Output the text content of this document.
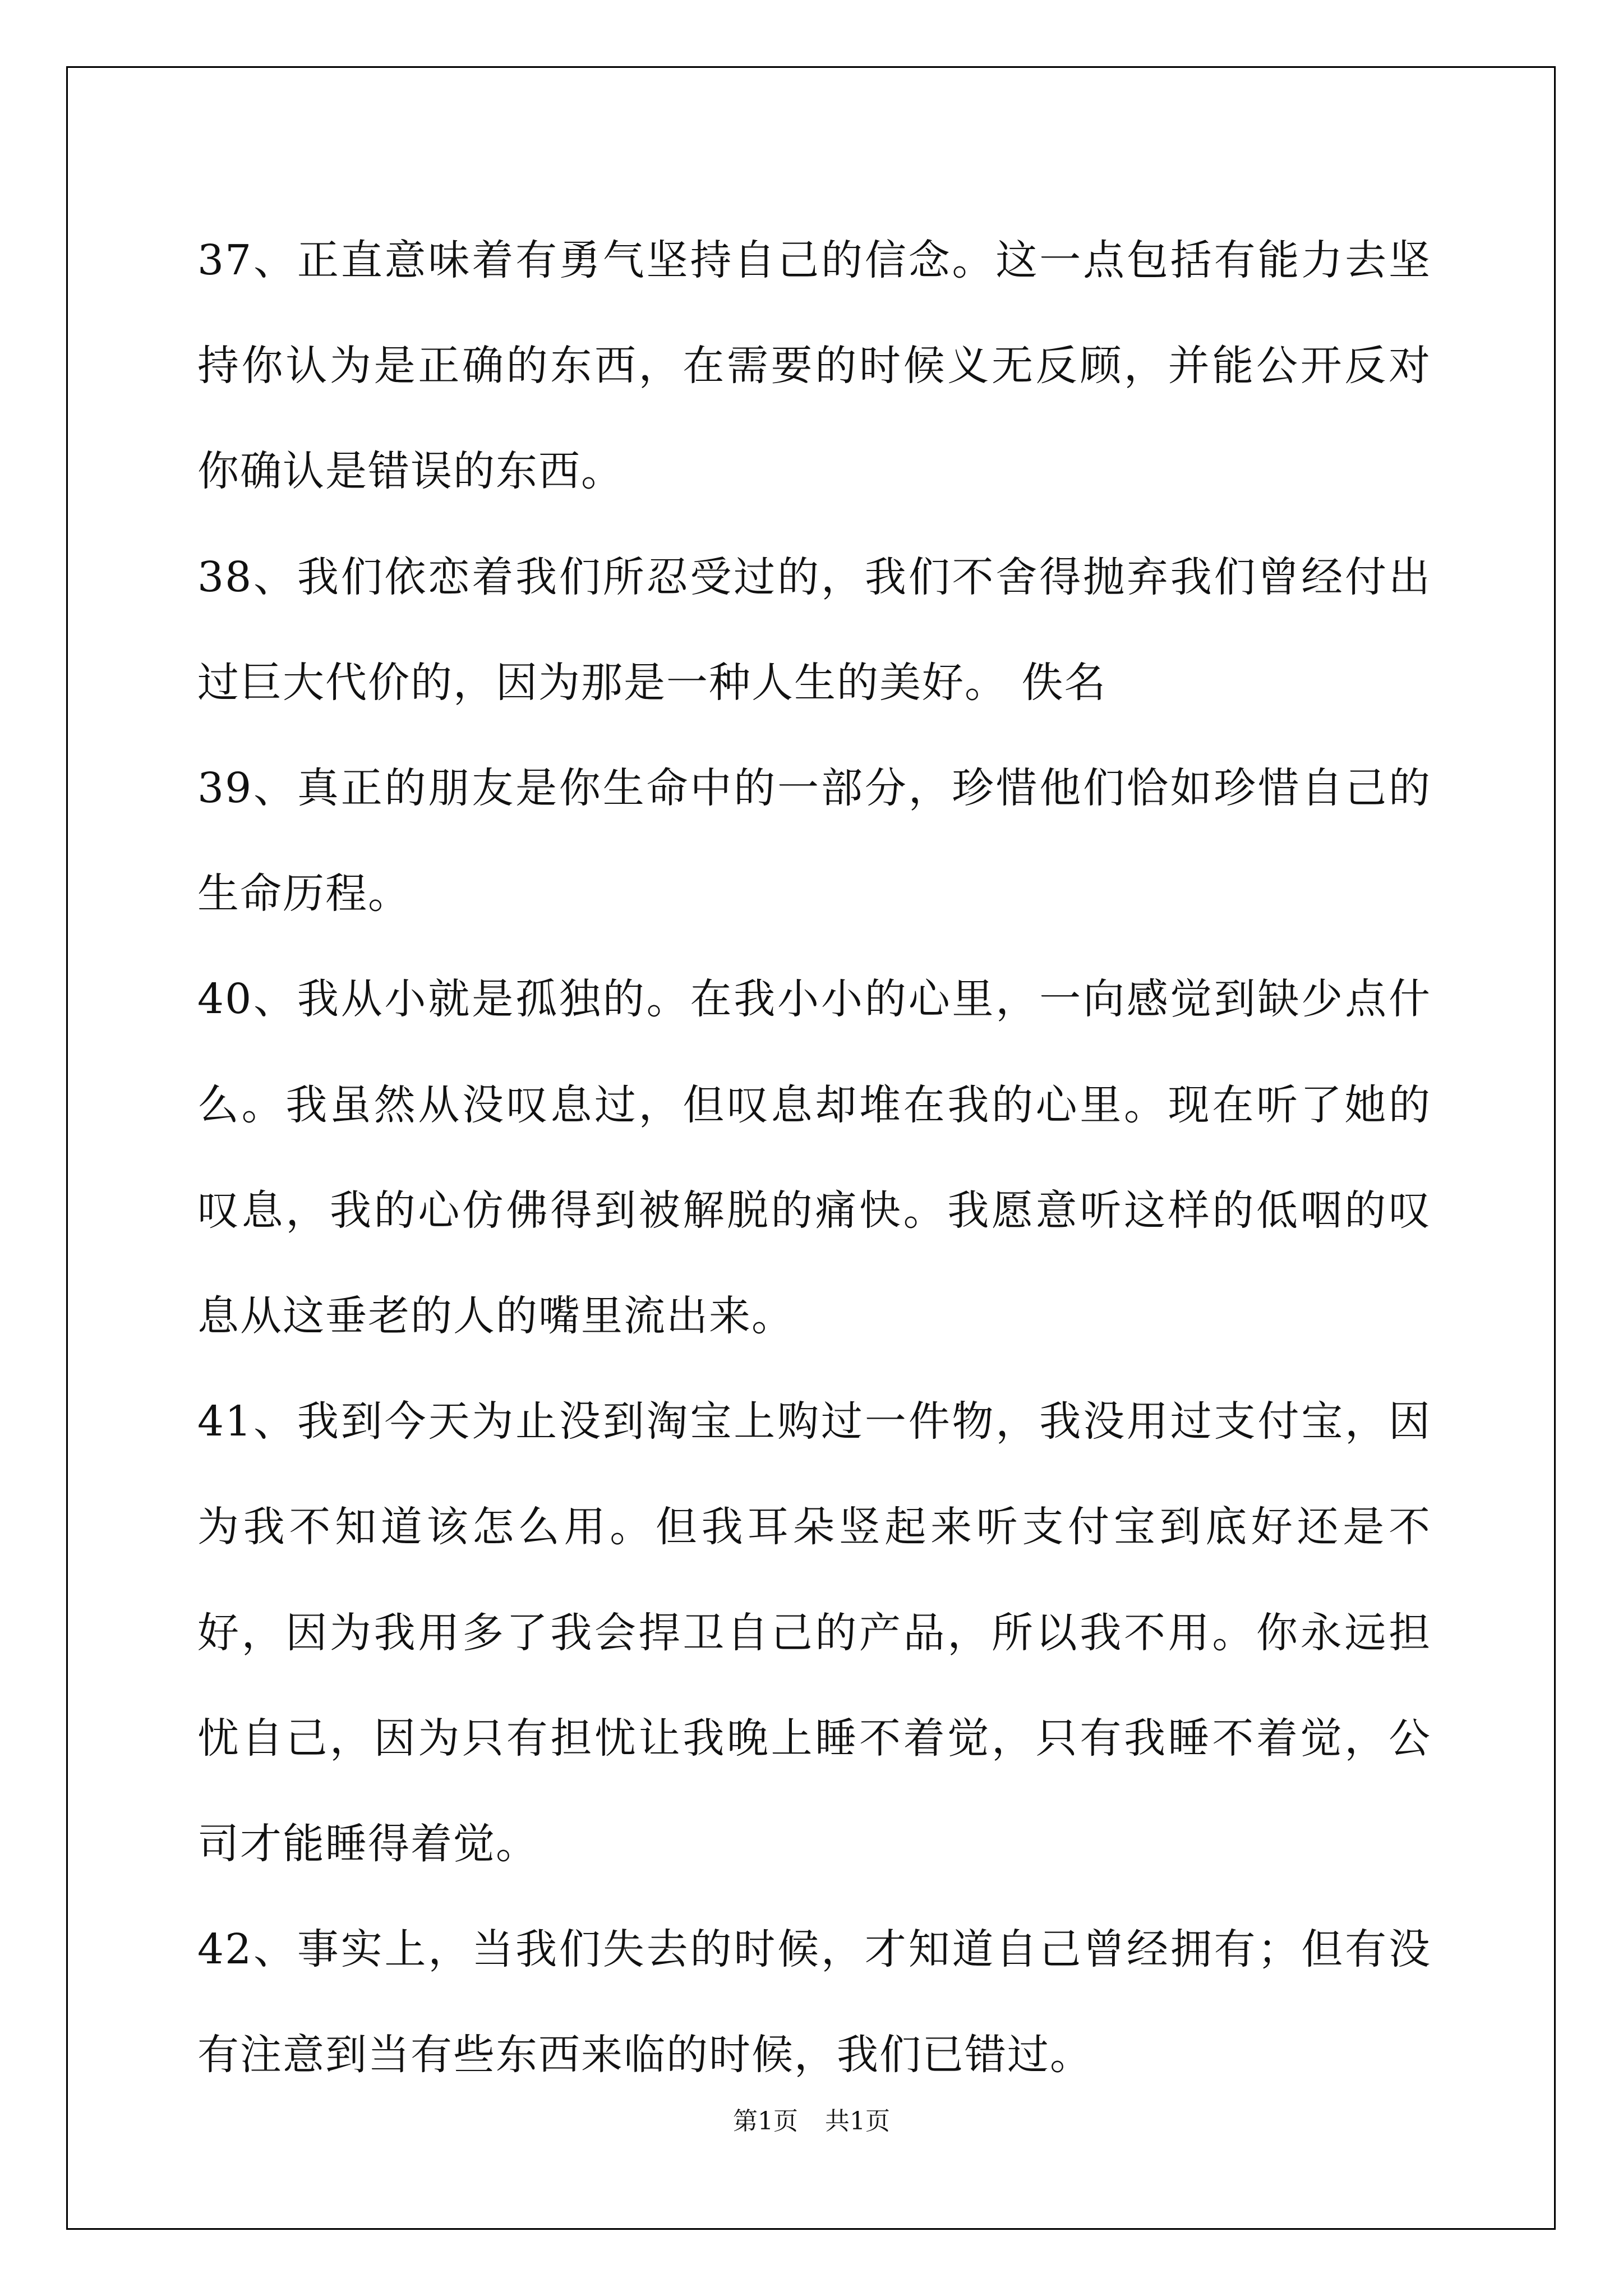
37、正直意味着有勇气坚持自己的信念。这一点包括有能力去坚持你认为是正确的东西，在需要的时候义无反顾，并能公开反对你确认是错误的东西。

38、我们依恋着我们所忍受过的，我们不舍得抛弃我们曾经付出过巨大代价的，因为那是一种人生的美好。 佚名

39、真正的朋友是你生命中的一部分，珍惜他们恰如珍惜自己的生命历程。

40、我从小就是孤独的。在我小小的心里，一向感觉到缺少点什么。我虽然从没叹息过，但叹息却堆在我的心里。现在听了她的叹息，我的心仿佛得到被解脱的痛快。我愿意听这样的低咽的叹息从这垂老的人的嘴里流出来。

41、我到今天为止没到淘宝上购过一件物，我没用过支付宝，因为我不知道该怎么用。但我耳朵竖起来听支付宝到底好还是不好，因为我用多了我会捍卫自己的产品，所以我不用。你永远担忧自己，因为只有担忧让我晚上睡不着觉，只有我睡不着觉，公司才能睡得着觉。

42、事实上，当我们失去的时候，才知道自己曾经拥有；但有没有注意到当有些东西来临的时候，我们已错过。

第1页 共1页
